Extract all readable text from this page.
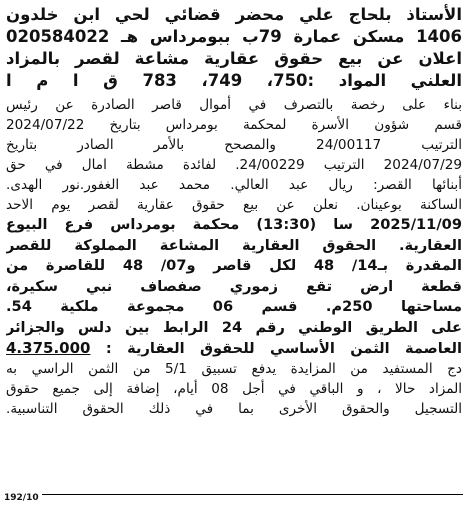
الأستاذ بلحاج علي محضر قضائي لحي ابن خلدون
1406 مسكن عمارة 79ب ببومرداس هـ 020584022
اعلان عن بيع حقوق عقارية مشاعة لقصر بالمزاد
العلني المواد :750، 749، 783 ق ا م ا
بناء على رخصة بالتصرف في أموال قاصر الصادرة عن رئيس
قسم شؤون الأسرة لمحكمة بومرداس بتاريخ 2024/07/22
الترتيب 24/00117 والمصحح بالأمر الصادر بتاريخ
2024/07/29 الترتيب 24/00229. لفائدة مشطة امال في حق
أبنائها القصر: ريال عبد العالي. محمد عبد الغفور.نور الهدى.
الساكنة بوعينان. نعلن عن بيع حقوق عقارية لقصر يوم الاحد
2025/11/09 سا (13:30) محكمة بومرداس فرع البيوع
العقارية. الحقوق العقارية المشاعة المملوكة للقصر
المقدرة بـ14/ 48 لكل قاصر و07/ 48 للقاصرة من
قطعة ارض تقع زموري صفصاف نبي سكيرة،
مساحتها 250م. قسم 06 مجموعة ملكية 54.
على الطريق الوطني رقم 24 الرابط بين دلس والجزائر
العاصمة الثمن الأساسي للحقوق العقارية : 4.375.000
دج المستفيد من المزايدة يدفع تسبيق 5/1 من الثمن الراسي به
المزاد حالا ، و الباقي في أجل 08 أيام، إضافة إلى جميع حقوق
التسجيل والحقوق الأخرى بما في ذلك الحقوق التناسبية.
192/10
